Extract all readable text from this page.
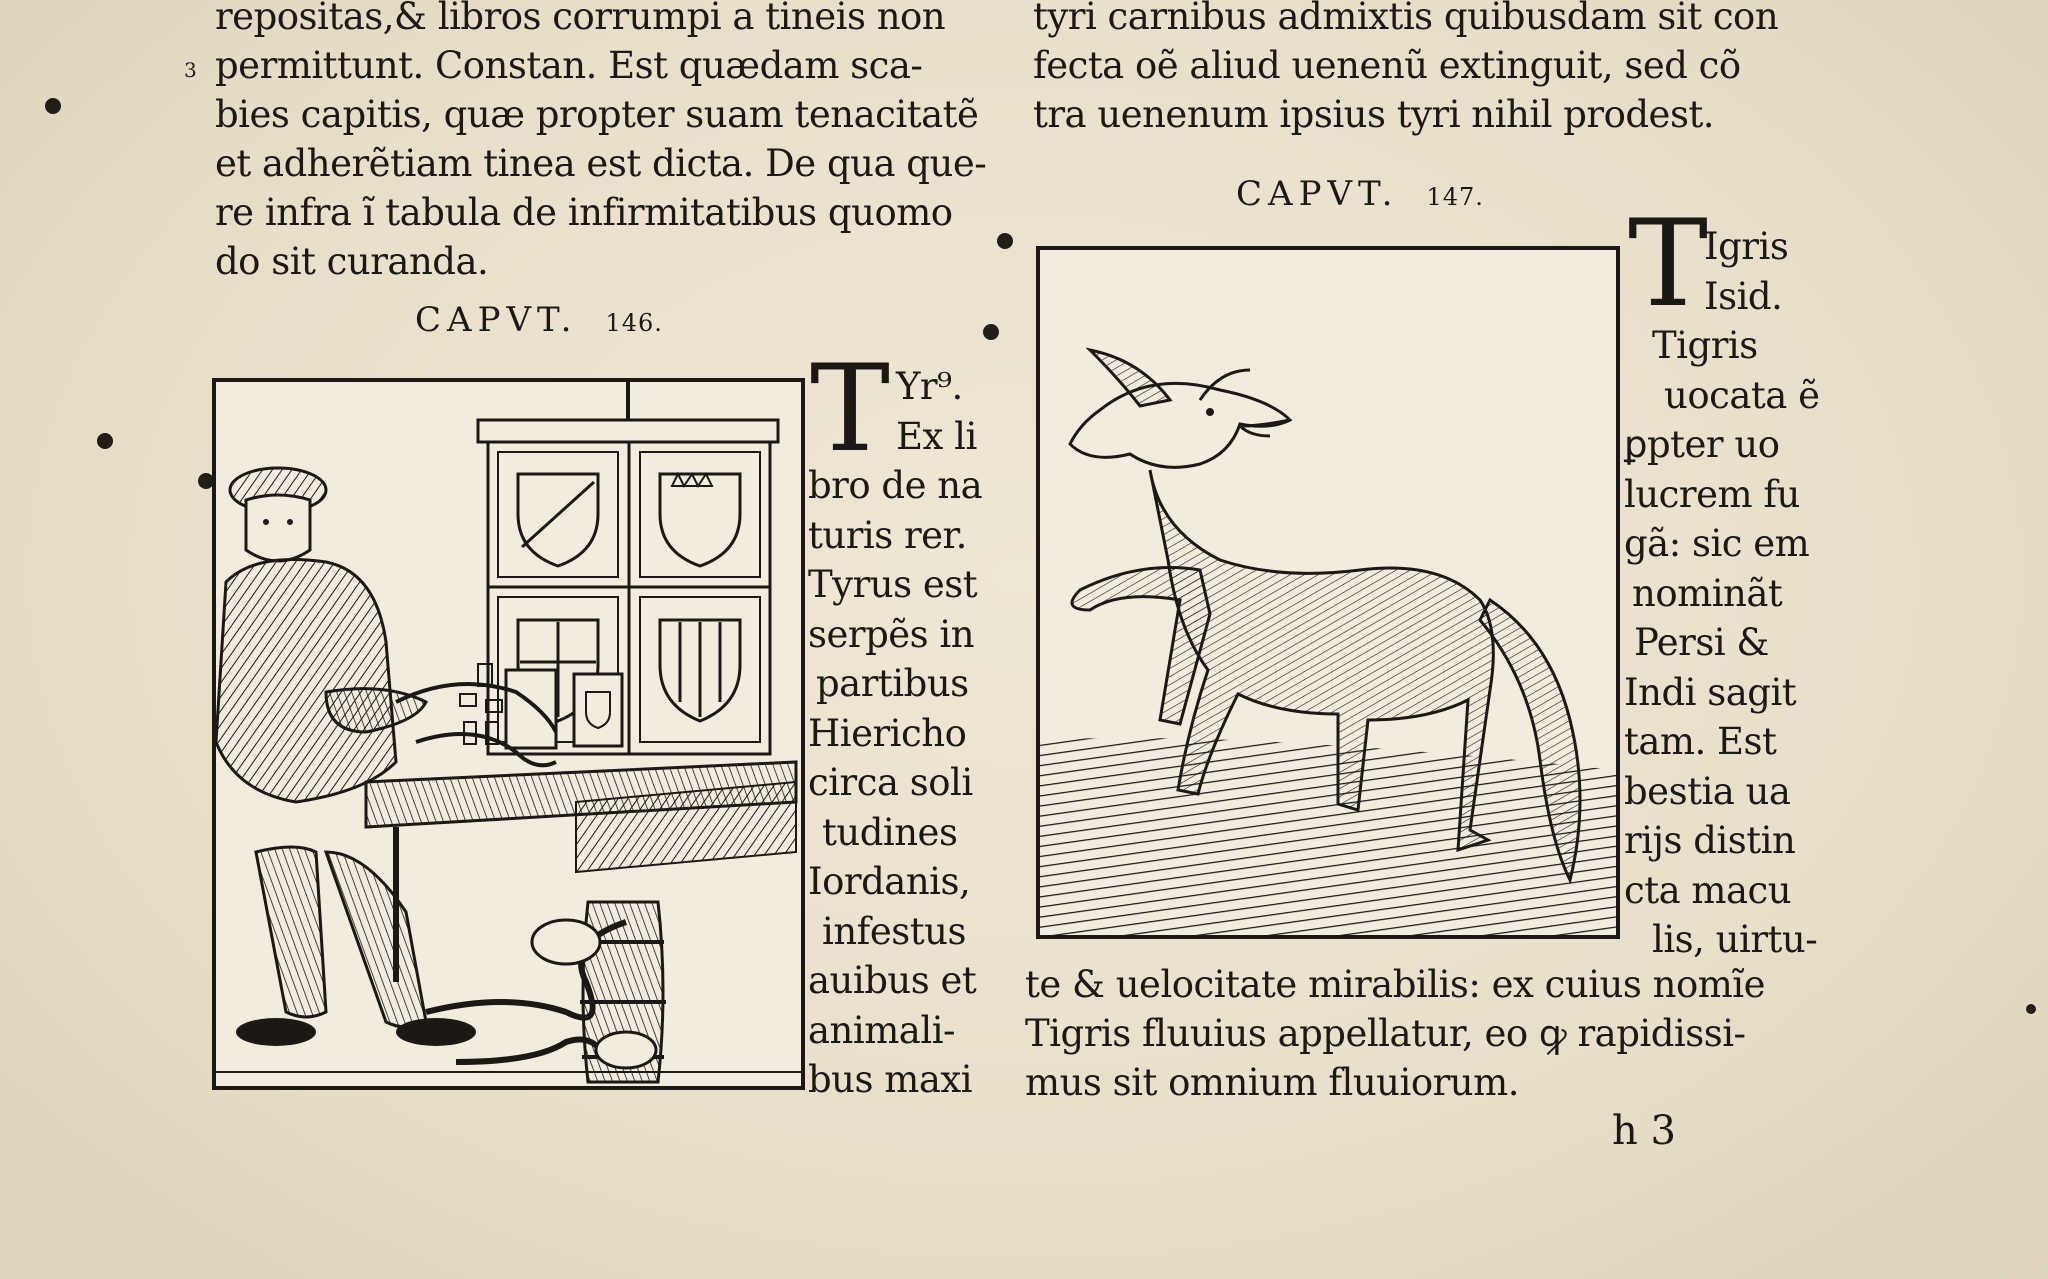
repositas,& libros corrumpi a tineis non
permittunt. Constan. Est quædam sca-
bies capitis, quæ propter suam tenacitatẽ
et adherẽtiam tinea est dicta. De qua que-
re infra ĩ tabula de infirmitatibus quomo
do sit curanda.
3
CAPVT. 146.
T Yr⁹.
Ex li
bro de na
turis rer.
Tyrus est
serpẽs in
partibus
Hiericho
circa soli
tudines
Iordanis,
infestus
auibus et
animali-
bus maxi
tyri carnibus admixtis quibusdam sit con
fecta oẽ aliud uenenũ extinguit, sed cõ
tra uenenum ipsius tyri nihil prodest.
CAPVT. 147. T
Igris
Isid.
Tigris
uocata ẽ
ꝑpter uo
lucrem fu
gã: sic em
nominãt
Persi &
Indi sagit
tam. Est
bestia ua
rijs distin
cta macu
lis, uirtu-
te & uelocitate mirabilis: ex cuius nomĩe
Tigris fluuius appellatur, eo ꝙ rapidissi-
mus sit omnium fluuiorum.
h 3
